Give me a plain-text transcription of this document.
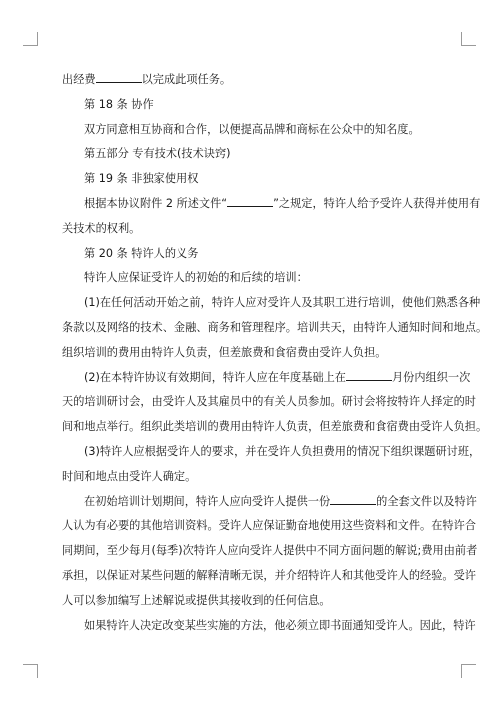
出经费	以完成此项任务。

第 18 条 协作

双方同意相互协商和合作，以便提高品牌和商标在公众中的知名度。

第五部分 专有技术(技术诀窍)

第 19 条 非独家使用权

根据本协议附件 2 所述文件“	”之规定，特许人给予受许人获得并使用有

关技术的权利。

第 20 条 特许人的义务

特许人应保证受许人的初始的和后续的培训：

(1)在任何活动开始之前，特许人应对受许人及其职工进行培训，使他们熟悉各种

条款以及网络的技术、金融、商务和管理程序。培训共天，由特许人通知时间和地点。

组织培训的费用由特许人负责，但差旅费和食宿费由受许人负担。

(2)在本特许协议有效期间，特许人应在年度基础上在	月份内组织一次

天的培训研讨会，由受许人及其雇员中的有关人员参加。研讨会将按特许人择定的时

间和地点举行。组织此类培训的费用由特许人负责，但差旅费和食宿费由受许人负担。

(3)特许人应根据受许人的要求，并在受许人负担费用的情况下组织课题研讨班，

时间和地点由受许人确定。

在初始培训计划期间，特许人应向受许人提供一份	的全套文件以及特许

人认为有必要的其他培训资料。受许人应保证勤奋地使用这些资料和文件。在特许合

同期间，至少每月(每季)次特许人应向受许人提供中不同方面问题的解说;费用由前者

承担，以保证对某些问题的解释清晰无误，并介绍特许人和其他受许人的经验。受许

人可以参加编写上述解说或提供其接收到的任何信息。

如果特许人决定改变某些实施的方法，他必须立即书面通知受许人。因此，特许
